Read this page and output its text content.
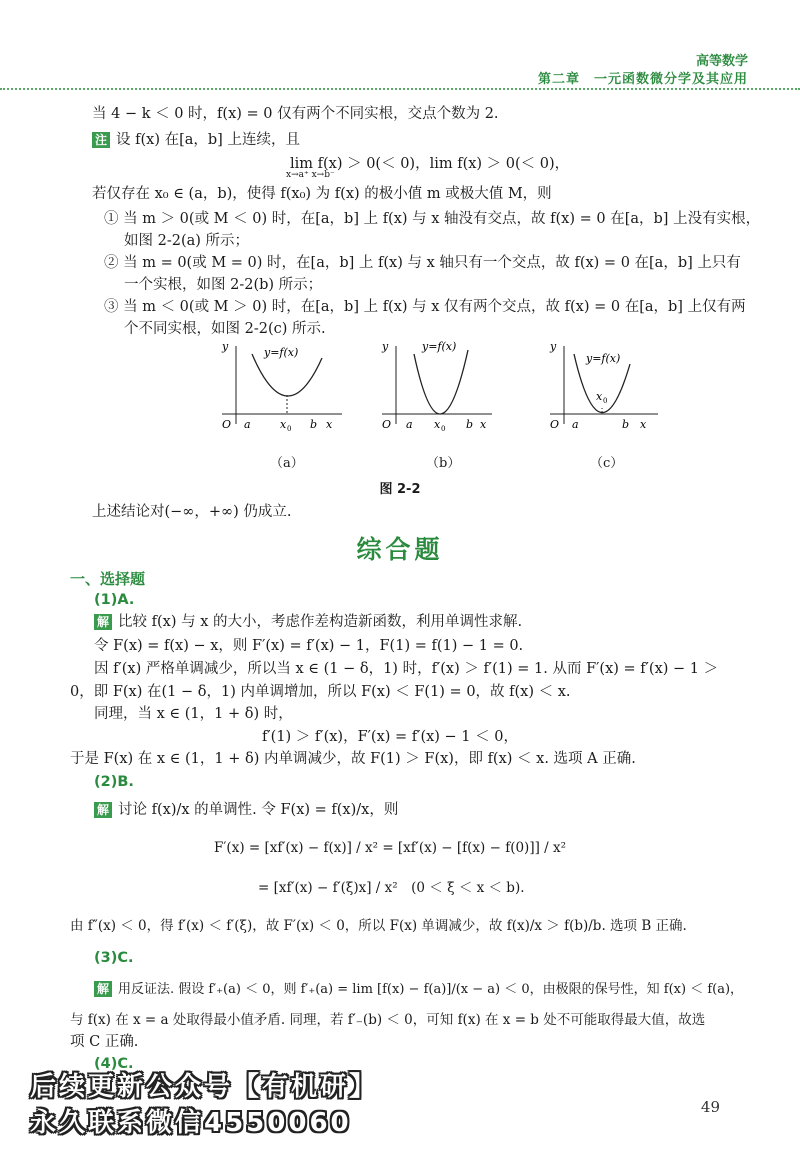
高等数学
第二章　一元函数微分学及其应用
当 4 − k ＜ 0 时，f(x) = 0 仅有两个不同实根，交点个数为 2.
注 设 f(x) 在[a，b] 上连续，且
lim f(x) ＞ 0(＜ 0)，lim f(x) ＞ 0(＜ 0)，
x→a⁺ x→b⁻
若仅存在 x₀ ∈ (a，b)，使得 f(x₀) 为 f(x) 的极小值 m 或极大值 M，则
① 当 m ＞ 0(或 M ＜ 0) 时，在[a，b] 上 f(x) 与 x 轴没有交点，故 f(x) = 0 在[a，b] 上没有实根，
如图 2-2(a) 所示；
② 当 m = 0(或 M = 0) 时，在[a，b] 上 f(x) 与 x 轴只有一个交点，故 f(x) = 0 在[a，b] 上只有
一个实根，如图 2-2(b) 所示；
③ 当 m ＜ 0(或 M ＞ 0) 时，在[a，b] 上 f(x) 与 x 仅有两个交点，故 f(x) = 0 在[a，b] 上仅有两
个不同实根，如图 2-2(c) 所示.
y	y=f(x)
O a	x 0 b x
y	y=f(x)
O a x 0 b x
y
y=f(x)
x 0
O a	b x
（a）	（b）	（c）
图 2-2
上述结论对(−∞，+∞) 仍成立.
综合题
一、选择题
(1)A.
解 比较 f(x) 与 x 的大小，考虑作差构造新函数，利用单调性求解.
令 F(x) = f(x) − x，则 F′(x) = f′(x) − 1，F(1) = f(1) − 1 = 0.
因 f′(x) 严格单调减少，所以当 x ∈ (1 − δ，1) 时，f′(x) ＞ f′(1) = 1. 从而 F′(x) = f′(x) − 1 ＞
0，即 F(x) 在(1 − δ，1) 内单调增加，所以 F(x) ＜ F(1) = 0，故 f(x) ＜ x.
同理，当 x ∈ (1，1 + δ) 时，
f′(1) ＞ f′(x)，F′(x) = f′(x) − 1 ＜ 0，
于是 F(x) 在 x ∈ (1，1 + δ) 内单调减少，故 F(1) ＞ F(x)，即 f(x) ＜ x. 选项 A 正确.
(2)B.
解 讨论 f(x)/x 的单调性. 令 F(x) = f(x)/x，则
F′(x) = [xf′(x) − f(x)] / x² = [xf′(x) − [f(x) − f(0)]] / x²
= [xf′(x) − f′(ξ)x] / x²　(0 ＜ ξ ＜ x ＜ b).
由 f″(x) ＜ 0，得 f′(x) ＜ f′(ξ)，故 F′(x) ＜ 0，所以 F(x) 单调减少，故 f(x)/x ＞ f(b)/b. 选项 B 正确.
(3)C.
解 用反证法. 假设 f′₊(a) ＜ 0，则 f′₊(a) = lim [f(x) − f(a)]/(x − a) ＜ 0，由极限的保号性，知 f(x) ＜ f(a)，
与 f(x) 在 x = a 处取得最小值矛盾. 同理，若 f′₋(b) ＜ 0，可知 f(x) 在 x = b 处不可能取得最大值，故选
项 C 正确.
(4)C.
后续更新公众号【有机研】
永久联系微信4550060
49
